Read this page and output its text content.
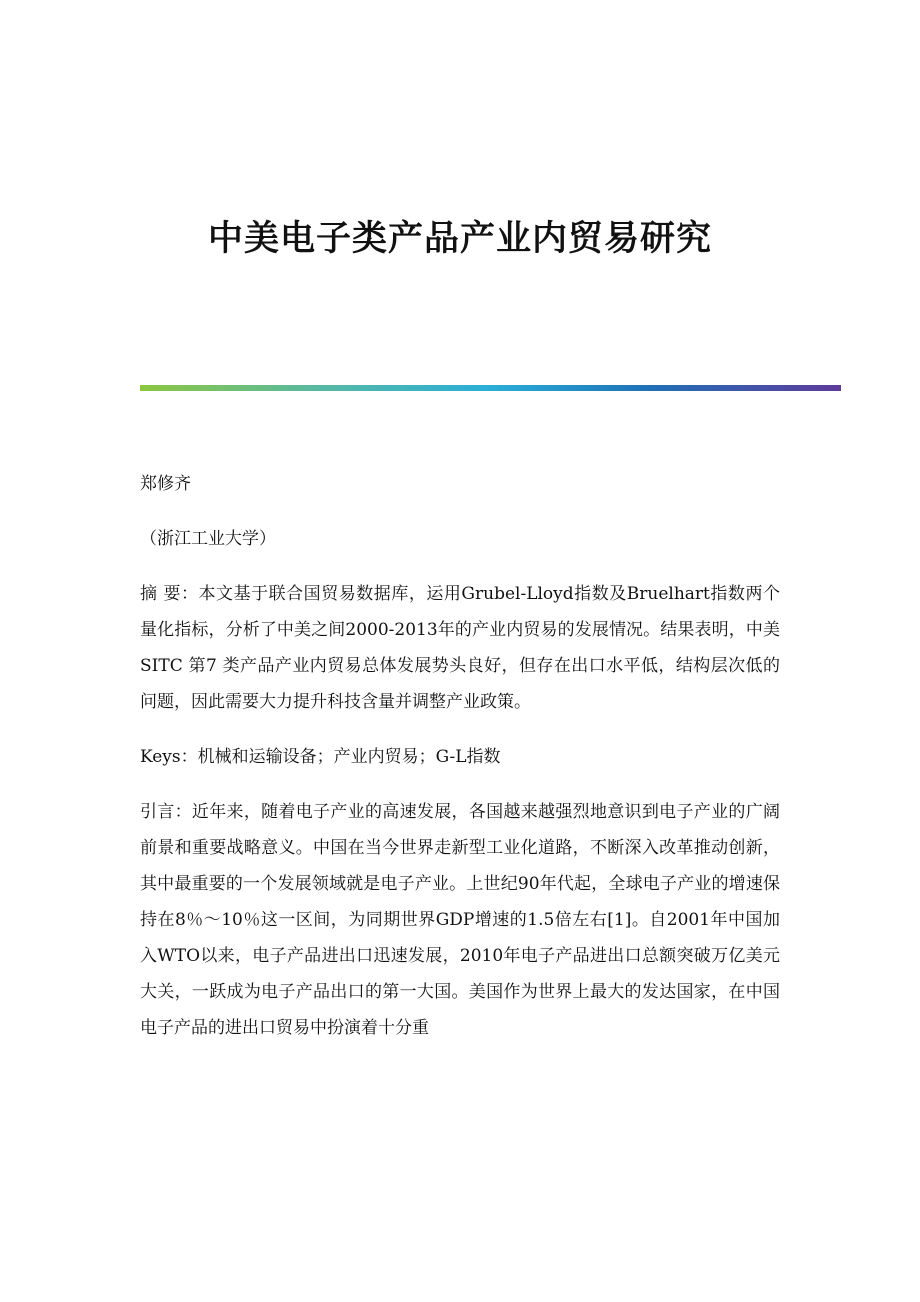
中美电子类产品产业内贸易研究

郑修齐

（浙江工业大学）

摘 要：本文基于联合国贸易数据库，运用Grubel-Lloyd指数及Bruelhart指数两个量化指标，分析了中美之间2000-2013年的产业内贸易的发展情况。结果表明，中美SITC 第7 类产品产业内贸易总体发展势头良好，但存在出口水平低，结构层次低的问题，因此需要大力提升科技含量并调整产业政策。

Keys：机械和运输设备；产业内贸易；G-L指数

引言：近年来，随着电子产业的高速发展，各国越来越强烈地意识到电子产业的广阔前景和重要战略意义。中国在当今世界走新型工业化道路，不断深入改革推动创新，其中最重要的一个发展领域就是电子产业。上世纪90年代起，全球电子产业的增速保持在8％～10％这一区间，为同期世界GDP增速的1.5倍左右[1]。自2001年中国加入WTO以来，电子产品进出口迅速发展，2010年电子产品进出口总额突破万亿美元大关，一跃成为电子产品出口的第一大国。美国作为世界上最大的发达国家，在中国电子产品的进出口贸易中扮演着十分重
